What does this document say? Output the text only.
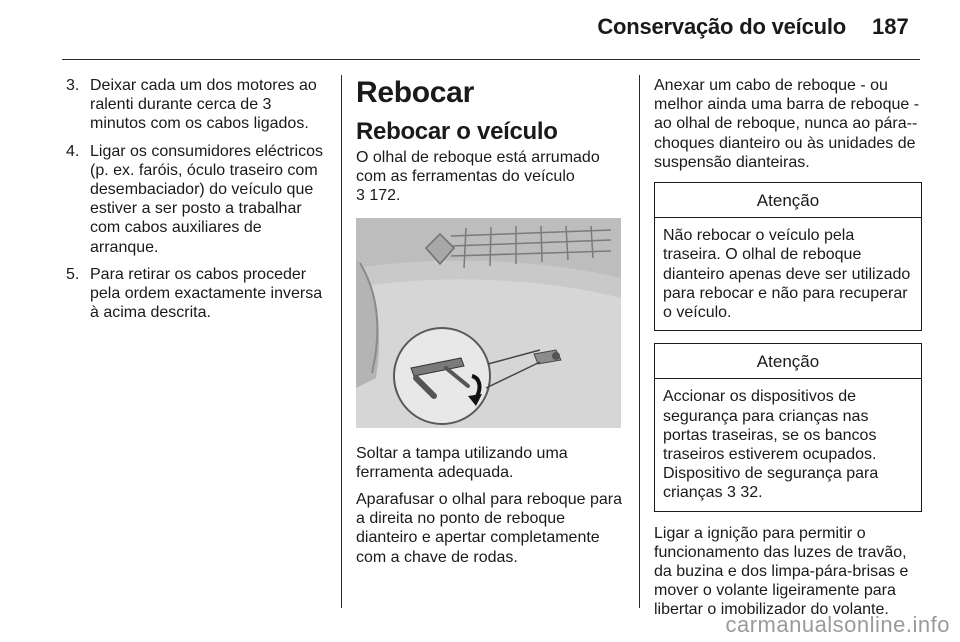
Conservação do veículo 187
3. Deixar cada um dos motores ao ralenti durante cerca de 3 minutos com os cabos ligados.
4. Ligar os consumidores eléctricos (p. ex. faróis, óculo traseiro com desembaciador) do veículo que estiver a ser posto a trabalhar com cabos auxiliares de arranque.
5. Para retirar os cabos proceder pela ordem exactamente inversa à acima descrita.
Rebocar
Rebocar o veículo

O olhal de reboque está arrumado com as ferramentas do veículo
3 172.

Soltar a tampa utilizando uma ferramenta adequada.

Aparafusar o olhal para reboque para a direita no ponto de reboque dianteiro e apertar completamente com a chave de rodas.

Anexar um cabo de reboque - ou melhor ainda uma barra de reboque - ao olhal de reboque, nunca ao pára--choques dianteiro ou às unidades de suspensão dianteiras.

Atenção
Não rebocar o veículo pela traseira. O olhal de reboque dianteiro apenas deve ser utilizado para rebocar e não para recuperar o veículo.
Atenção
Accionar os dispositivos de segurança para crianças nas portas traseiras, se os bancos traseiros estiverem ocupados. Dispositivo de segurança para crianças 3 32.

Ligar a ignição para permitir o funcionamento das luzes de travão, da buzina e dos limpa-pára-brisas e mover o volante ligeiramente para libertar o imobilizador do volante.

carmanualsonline.info
